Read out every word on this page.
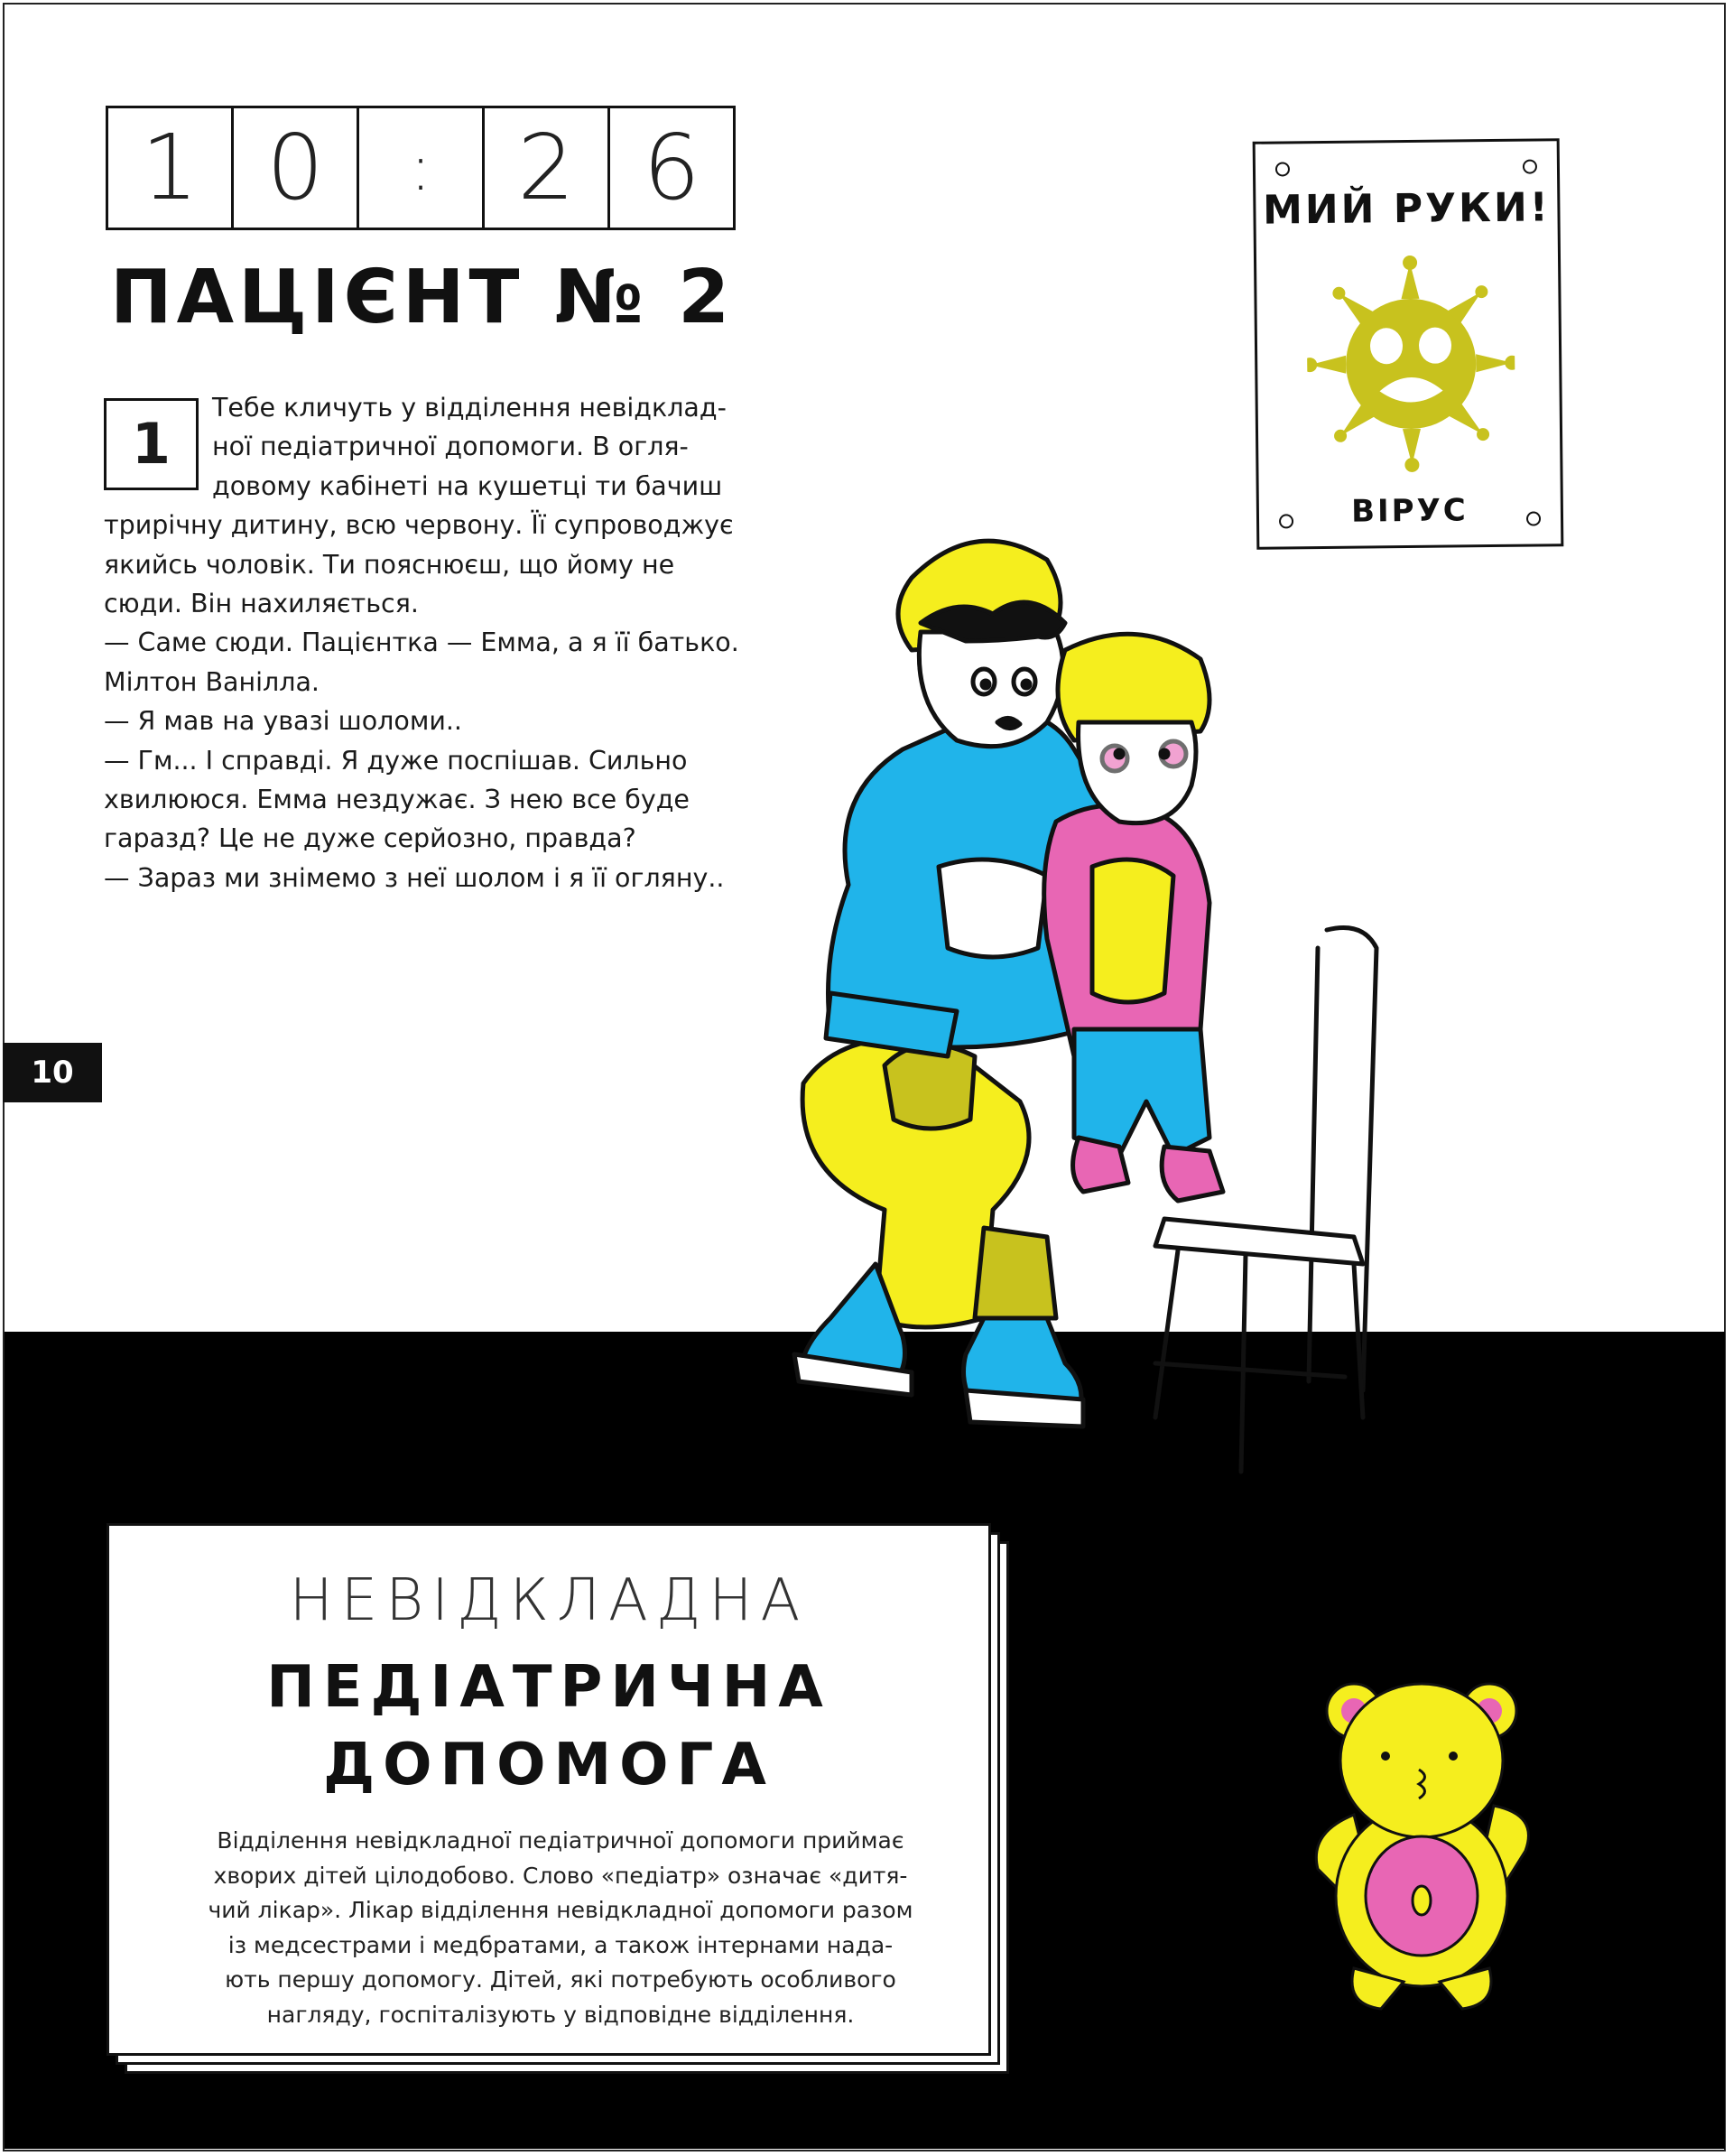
1 0	: 2 6
ПАЦІЄНТ № 2
1
Тебе кличуть у відділення невідклад-
ної педіатричної допомоги. В огля-
довому кабінеті на кушетці ти бачиш
трирічну дитину, всю червону. Її супроводжує
якийсь чоловік. Ти пояснюєш, що йому не
сюди. Він нахиляється.
— Саме сюди. Пацієнтка — Емма, а я її батько.
Мілтон Ванілла.
— Я мав на увазі шоломи..
— Гм... І справді. Я дуже поспішав. Сильно
хвилююся. Емма нездужає. З нею все буде
гаразд? Це не дуже серйозно, правда?
— Зараз ми знімемо з неї шолом і я її огляну..
10
МИЙ РУКИ!
ВІРУС
НЕВІДКЛАДНА
ПЕДІАТРИЧНА
ДОПОМОГА
Відділення невідкладної педіатричної допомоги приймає
хворих дітей цілодобово. Слово «педіатр» означає «дитя-
чий лікар». Лікар відділення невідкладної допомоги разом
із медсестрами і медбратами, а також інтернами нада-
ють першу допомогу. Дітей, які потребують особливого
нагляду, госпіталізують у відповідне відділення.
